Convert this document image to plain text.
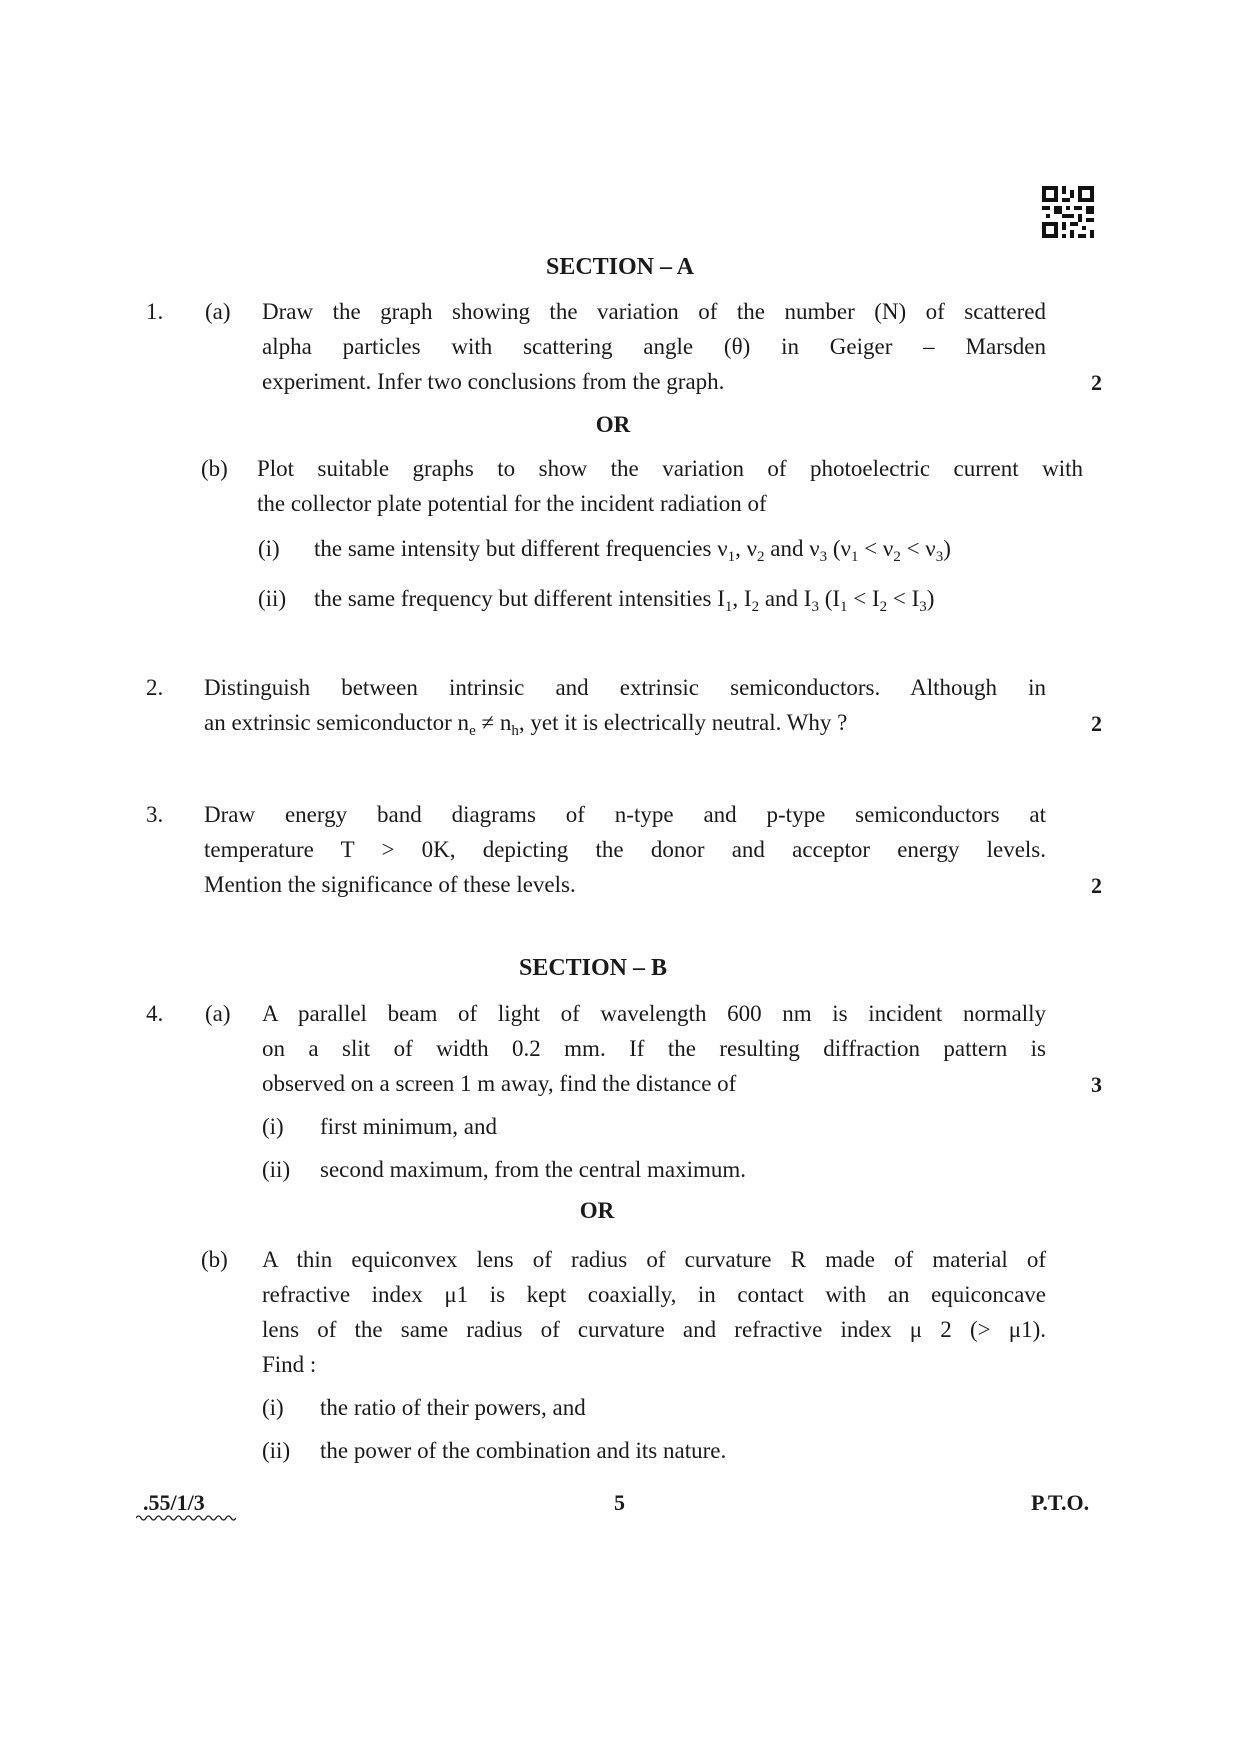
SECTION – A
1. (a) Draw the graph showing the variation of the number (N) of scattered
alpha particles with scattering angle (θ) in Geiger – Marsden
experiment. Infer two conclusions from the graph.	2
OR
(b) Plot suitable graphs to show the variation of photoelectric current with
the collector plate potential for the incident radiation of
(i) the same intensity but different frequencies $\nu_1$, $\nu_2$ and $\nu_3$ $(\nu_1 < \nu_2 < \nu_3)$
(ii) the same frequency but different intensities $I_1$, $I_2$ and $I_3$ $(I_1 < I_2 < I_3)$
2. Distinguish between intrinsic and extrinsic semiconductors. Although in
an extrinsic semiconductor $n_e \ne n_h$, yet it is electrically neutral. Why ?	2
3. Draw energy band diagrams of n-type and p-type semiconductors at
temperature T > 0K, depicting the donor and acceptor energy levels.
Mention the significance of these levels.	2
SECTION – B
4. (a) A parallel beam of light of wavelength 600 nm is incident normally
on a slit of width 0.2 mm. If the resulting diffraction pattern is
observed on a screen 1 m away, find the distance of	3
(i) first minimum, and
(ii) second maximum, from the central maximum.
OR
(b) A thin equiconvex lens of radius of curvature R made of material of
refractive index μ1 is kept coaxially, in contact with an equiconcave
lens of the same radius of curvature and refractive index μ 2 (> μ1).
Find :
(i) the ratio of their powers, and
(ii) the power of the combination and its nature.
.55/1/3	5	P.T.O.
